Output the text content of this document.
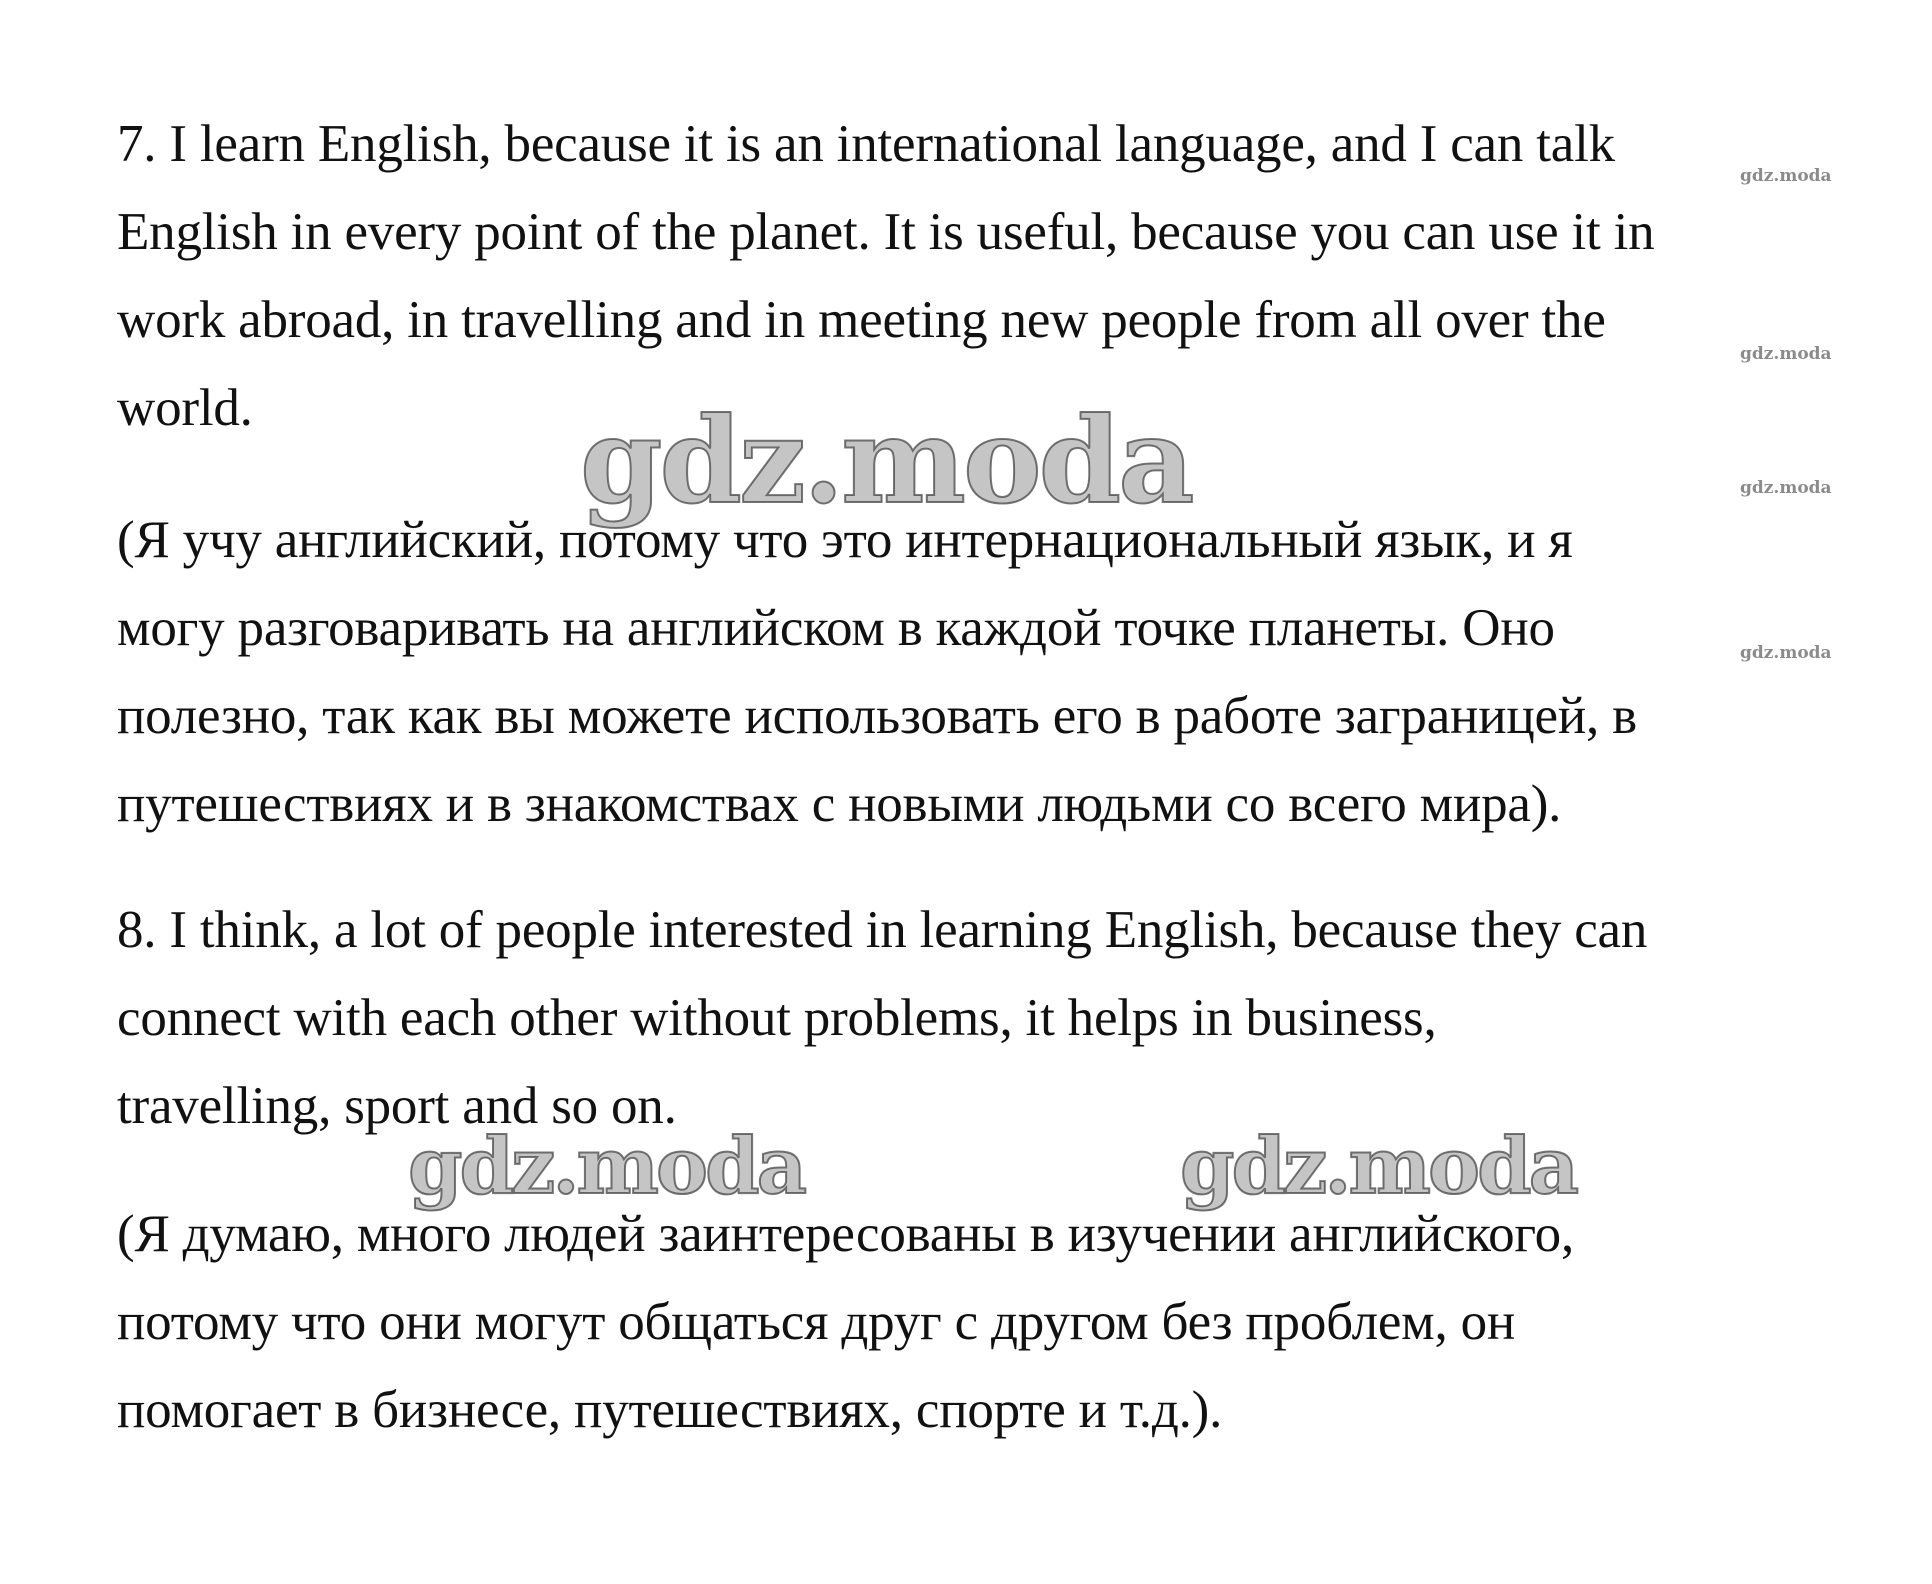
7. I learn English, because it is an international language, and I can talk
English in every point of the planet. It is useful, because you can use it in
work abroad, in travelling and in meeting new people from all over the
world.

(Я учу английский, потому что это интернациональный язык, и я
могу разговаривать на английском в каждой точке планеты. Оно
полезно, так как вы можете использовать его в работе заграницей, в
путешествиях и в знакомствах с новыми людьми со всего мира).

8. I think, a lot of people interested in learning English, because they can
connect with each other without problems, it helps in business,
travelling, sport and so on.

(Я думаю, много людей заинтересованы в изучении английского,
потому что они могут общаться друг с другом без проблем, он
помогает в бизнесе, путешествиях, спорте и т.д.).

gdz.moda
gdz.moda	gdz.moda
gdz.moda
gdz.moda
gdz.moda
gdz.moda
